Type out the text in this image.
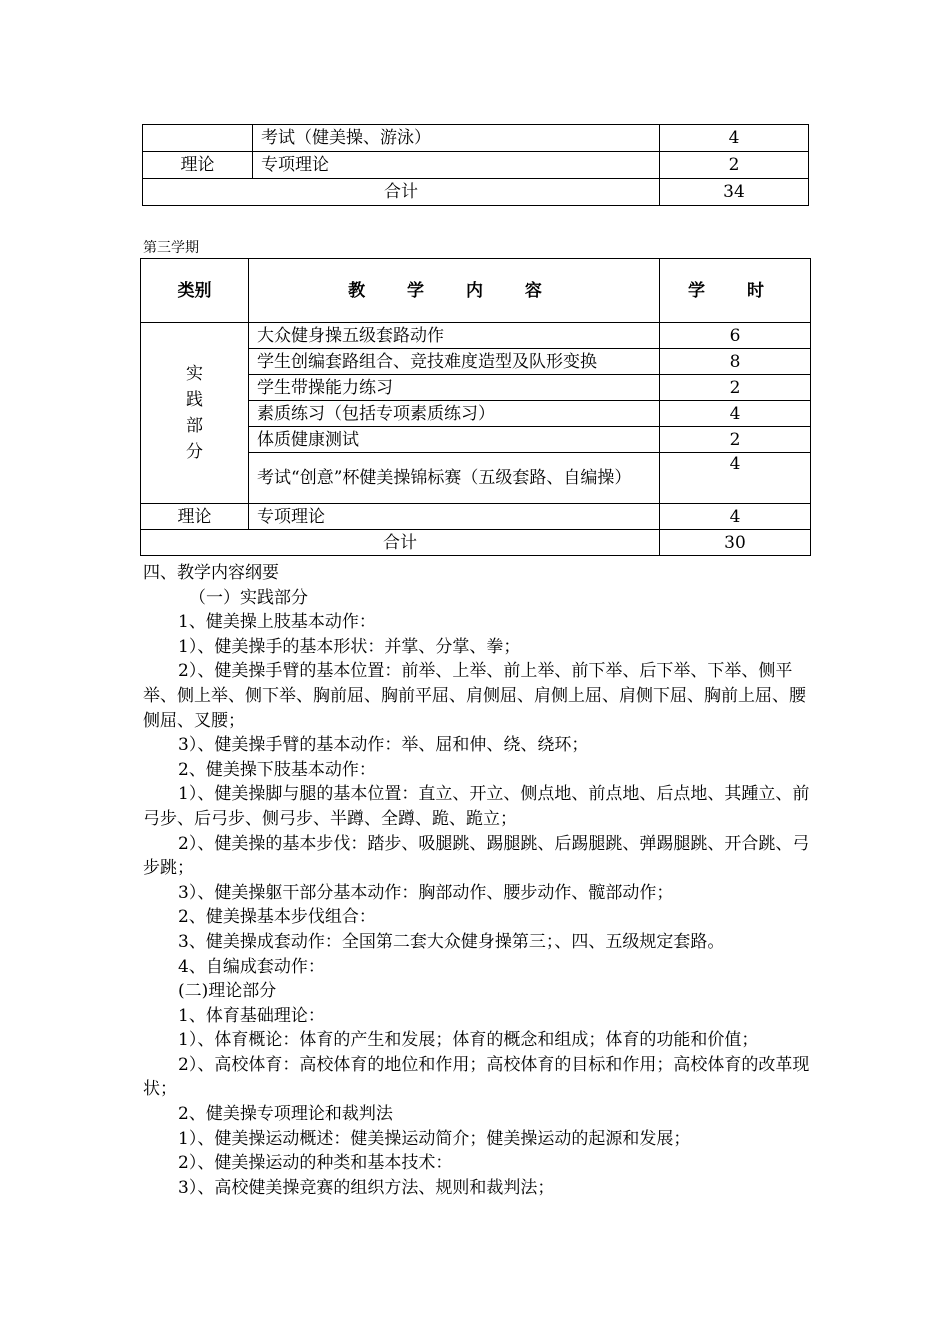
	考试（健美操、游泳）	4
理论	专项理论	2
合计		34
第三学期
类别	教 学 内 容	学 时

实
践
部
分	大众健身操五级套路动作	6
	学生创编套路组合、竞技难度造型及队形变换	8
	学生带操能力练习	2
	素质练习（包括专项素质练习）	4
	体质健康测试	2
	考试“创意”杯健美操锦标赛（五级套路、自编操）	4
理论	专项理论	4
合计		30

四、教学内容纲要

（一）实践部分

1、健美操上肢基本动作：

1）、健美操手的基本形状：并掌、分掌、拳；

2）、健美操手臂的基本位置：前举、上举、前上举、前下举、后下举、下举、侧平举、侧上举、侧下举、胸前屈、胸前平屈、肩侧屈、肩侧上屈、肩侧下屈、胸前上屈、腰侧屈、叉腰；

3）、健美操手臂的基本动作：举、屈和伸、绕、绕环；

2、健美操下肢基本动作：

1）、健美操脚与腿的基本位置：直立、开立、侧点地、前点地、后点地、其踵立、前弓步、后弓步、侧弓步、半蹲、全蹲、跪、跪立；

2）、健美操的基本步伐：踏步、吸腿跳、踢腿跳、后踢腿跳、弹踢腿跳、开合跳、弓步跳；

3）、健美操躯干部分基本动作：胸部动作、腰步动作、髋部动作；

2、健美操基本步伐组合：

3、健美操成套动作：全国第二套大众健身操第三；、四、五级规定套路。

4、自编成套动作：

(二)理论部分

1、体育基础理论：

1）、体育概论：体育的产生和发展；体育的概念和组成；体育的功能和价值；

2）、高校体育：高校体育的地位和作用；高校体育的目标和作用；高校体育的改革现状；

2、健美操专项理论和裁判法

1）、健美操运动概述：健美操运动简介；健美操运动的起源和发展；

2）、健美操运动的种类和基本技术：

3）、高校健美操竞赛的组织方法、规则和裁判法；
